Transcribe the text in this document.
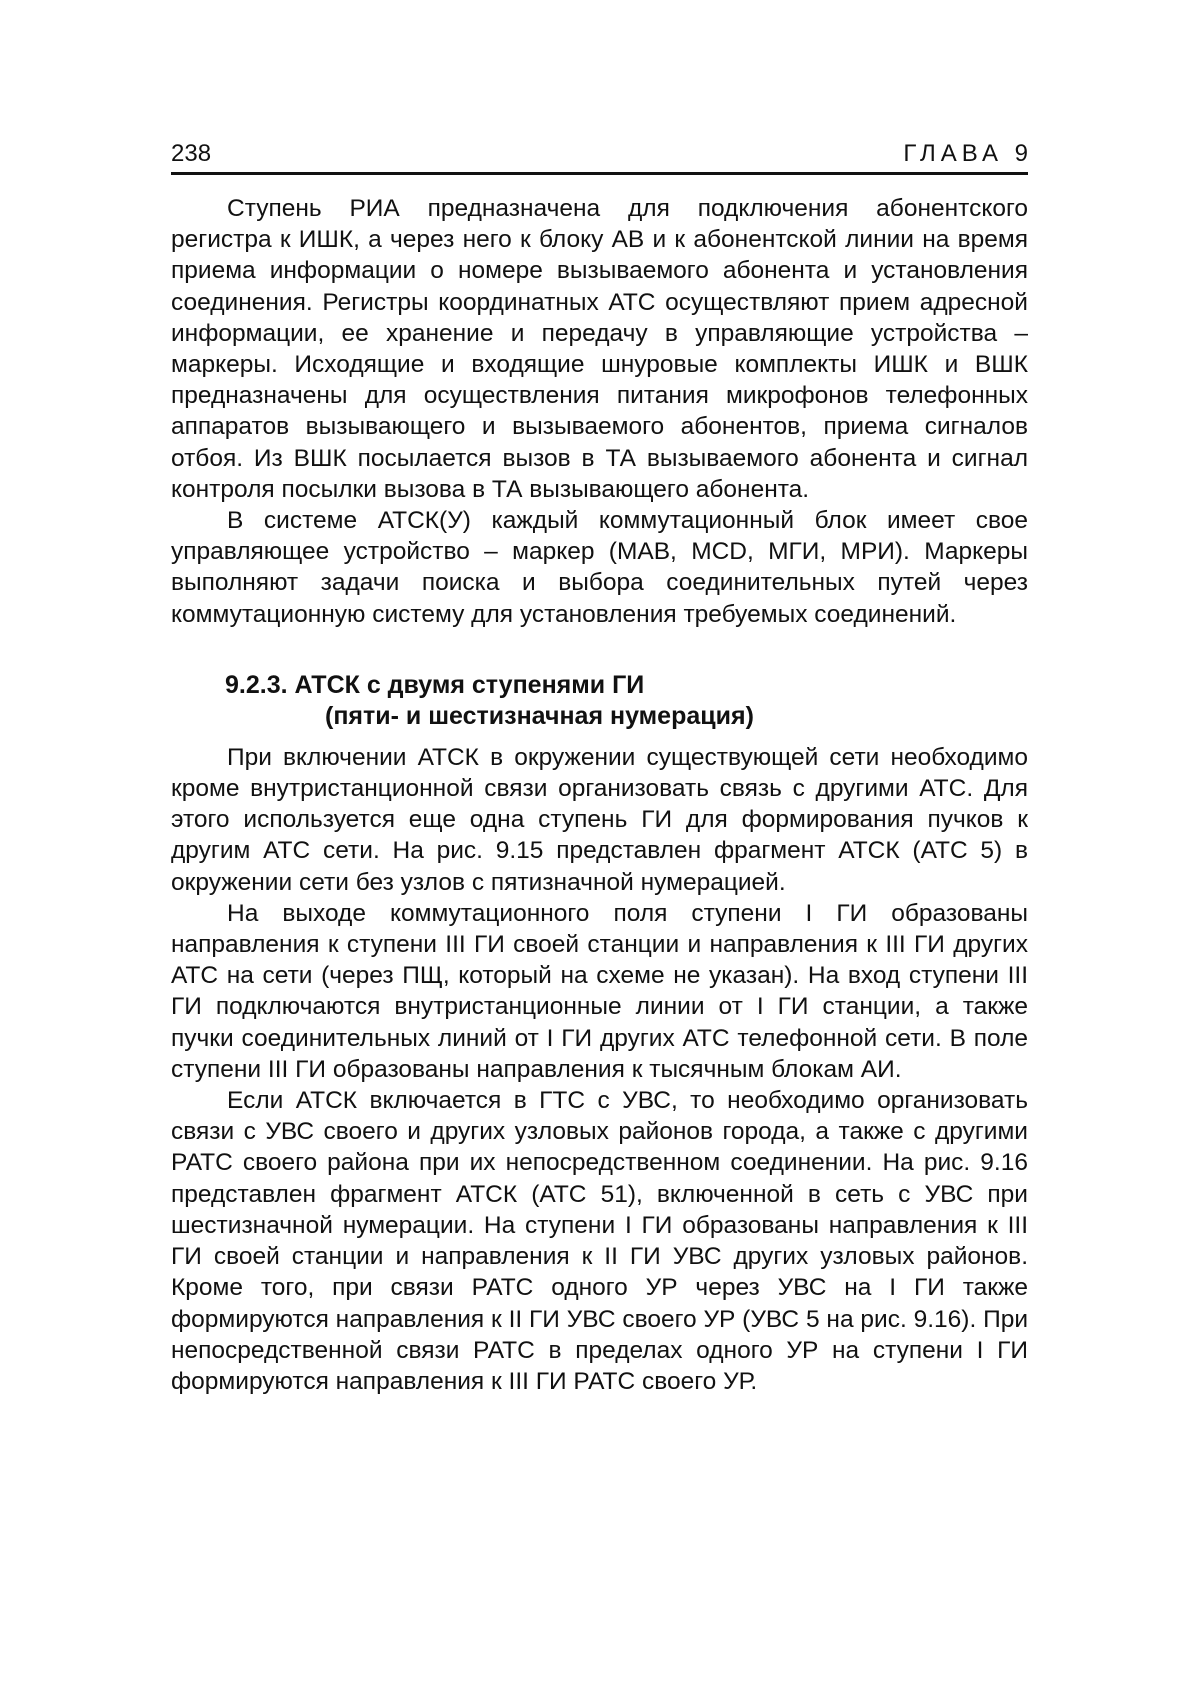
238	ГЛАВА 9

Ступень РИА предназначена для подключения абонентского регистра к ИШК, а через него к блоку АВ и к абонентской линии на время приема информации о номере вызываемого абонента и установления соединения. Регистры координатных АТС осуществляют прием адресной информации, ее хранение и передачу в управляющие устройства – маркеры. Исходящие и входящие шнуровые комплекты ИШК и ВШК предназначены для осуществления питания микрофонов телефонных аппаратов вызывающего и вызываемого абонентов, приема сигналов отбоя. Из ВШК посылается вызов в ТА вызываемого абонента и сигнал контроля посылки вызова в ТА вызывающего абонента.

В системе АТСК(У) каждый коммутационный блок имеет свое управляющее устройство – маркер (МАВ, МСD, МГИ, МРИ). Маркеры выполняют задачи поиска и выбора соединительных путей через коммутационную систему для установления требуемых соединений.

9.2.3. АТСК с двумя ступенями ГИ
(пяти- и шестизначная нумерация)

При включении АТСК в окружении существующей сети необходимо кроме внутристанционной связи организовать связь с другими АТС. Для этого используется еще одна ступень ГИ для формирования пучков к другим АТС сети. На рис. 9.15 представлен фрагмент АТСК (АТС 5) в окружении сети без узлов с пятизначной нумерацией.

На выходе коммутационного поля ступени I ГИ образованы направления к ступени III ГИ своей станции и направления к III ГИ других АТС на сети (через ПЩ, который на схеме не указан). На вход ступени III ГИ подключаются внутристанционные линии от I ГИ станции, а также пучки соединительных линий от I ГИ других АТС телефонной сети. В поле ступени III ГИ образованы направления к тысячным блокам АИ.

Если АТСК включается в ГТС с УВС, то необходимо организовать связи с УВС своего и других узловых районов города, а также с другими РАТС своего района при их непосредственном соединении. На рис. 9.16 представлен фрагмент АТСК (АТС 51), включенной в сеть с УВС при шестизначной нумерации. На ступени I ГИ образованы направления к III ГИ своей станции и направления к II ГИ УВС других узловых районов. Кроме того, при связи РАТС одного УР через УВС на I ГИ также формируются направления к II ГИ УВС своего УР (УВС 5 на рис. 9.16). При непосредственной связи РАТС в пределах одного УР на ступени I ГИ формируются направления к III ГИ РАТС своего УР.
